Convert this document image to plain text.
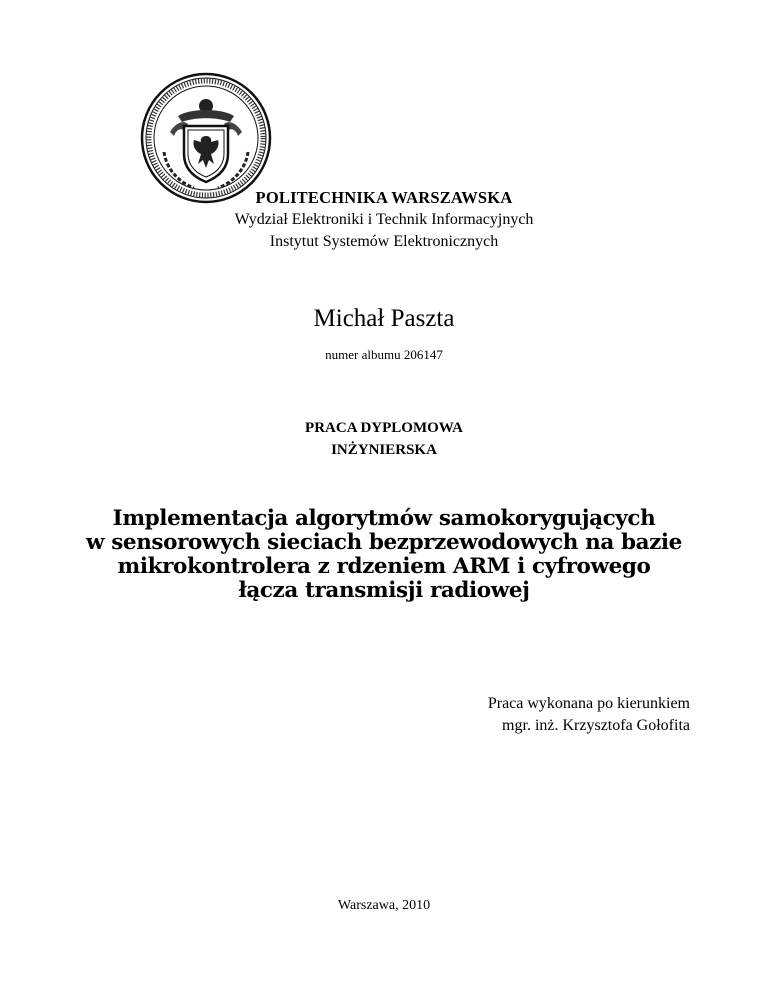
POLITECHNIKA WARSZAWSKA
Wydział Elektroniki i Technik Informacyjnych
Instytut Systemów Elektronicznych
Michał Paszta
numer albumu 206147
PRACA DYPLOMOWA
INŻYNIERSKA
Implementacja algorytmów samokorygujących
w sensorowych sieciach bezprzewodowych na bazie
mikrokontrolera z rdzeniem ARM i cyfrowego
łącza transmisji radiowej
Praca wykonana po kierunkiem
mgr. inż. Krzysztofa Gołofita
Warszawa, 2010
